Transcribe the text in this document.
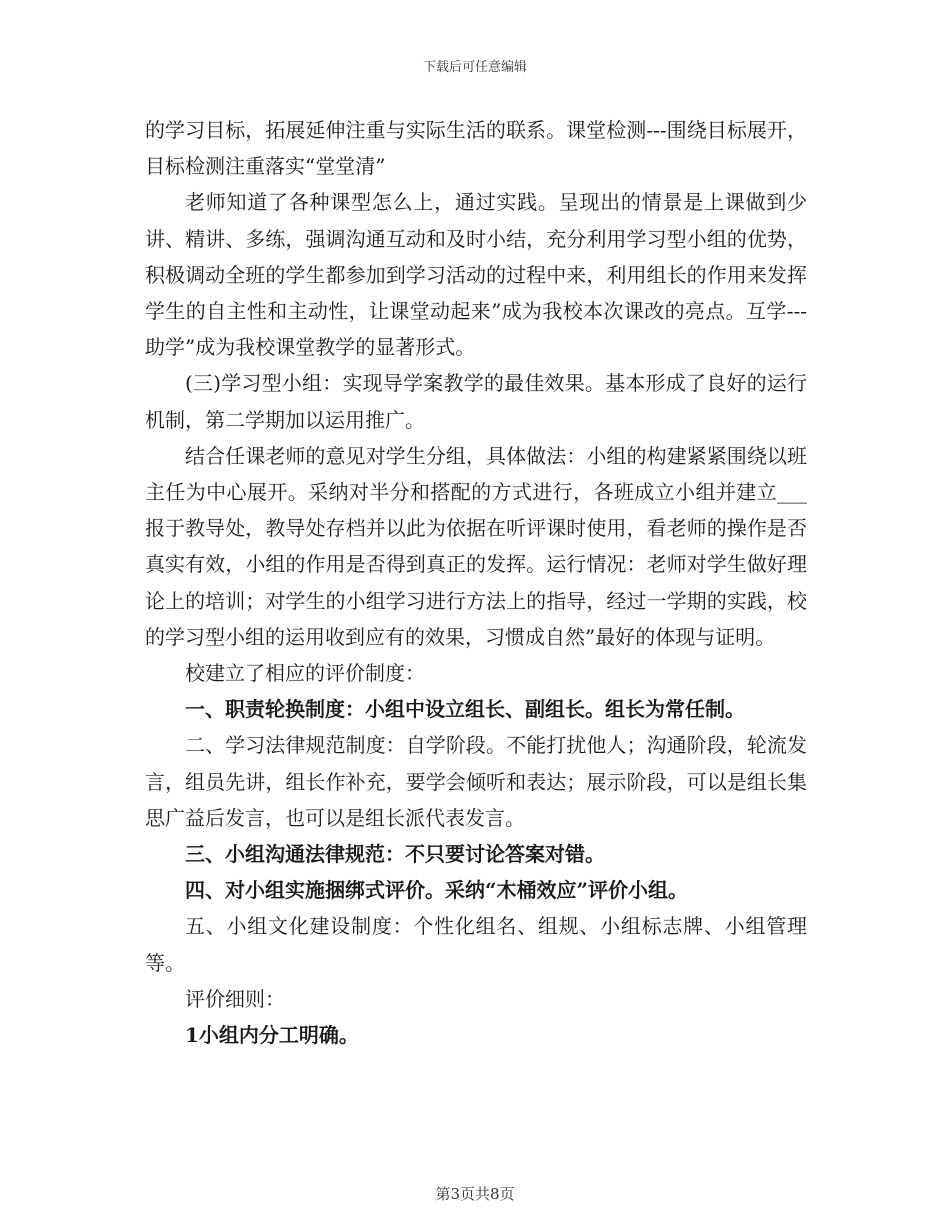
下载后可任意编辑

的学习目标，拓展延伸注重与实际生活的联系。课堂检测---围绕目标展开，目标检测注重落实“堂堂清”

老师知道了各种课型怎么上，通过实践。呈现出的情景是上课做到少讲、精讲、多练，强调沟通互动和及时小结，充分利用学习型小组的优势，积极调动全班的学生都参加到学习活动的过程中来，利用组长的作用来发挥学生的自主性和主动性，让课堂动起来”成为我校本次课改的亮点。互学---助学”成为我校课堂教学的显著形式。

(三)学习型小组：实现导学案教学的最佳效果。基本形成了良好的运行机制，第二学期加以运用推广。

结合任课老师的意见对学生分组，具体做法：小组的构建紧紧围绕以班主任为中心展开。采纳对半分和搭配的方式进行，各班成立小组并建立___报于教导处，教导处存档并以此为依据在听评课时使用，看老师的操作是否真实有效，小组的作用是否得到真正的发挥。运行情况：老师对学生做好理论上的培训；对学生的小组学习进行方法上的指导，经过一学期的实践，校的学习型小组的运用收到应有的效果，习惯成自然”最好的体现与证明。

校建立了相应的评价制度：

一、职责轮换制度：小组中设立组长、副组长。组长为常任制。

二、学习法律规范制度：自学阶段。不能打扰他人；沟通阶段，轮流发言，组员先讲，组长作补充，要学会倾听和表达；展示阶段，可以是组长集思广益后发言，也可以是组长派代表发言。

三、小组沟通法律规范：不只要讨论答案对错。

四、对小组实施捆绑式评价。采纳“木桶效应”评价小组。

五、小组文化建设制度：个性化组名、组规、小组标志牌、小组管理等。

评价细则：

1小组内分工明确。

第3页共8页
